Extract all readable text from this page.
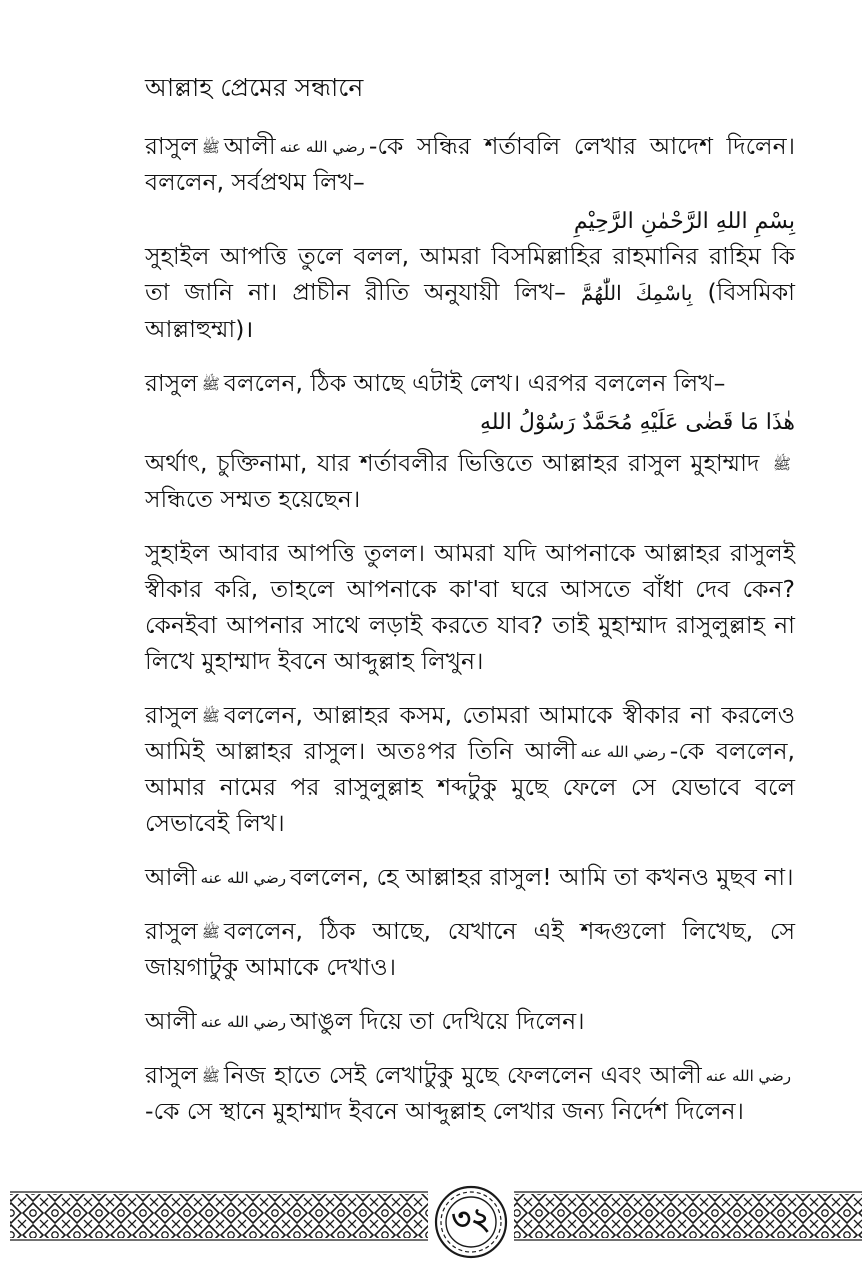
আল্লাহ প্রেমের সন্ধানে

রাসুল ﷺ আলী رضي الله عنه -কে সন্ধির শর্তাবলি লেখার আদেশ দিলেন। বললেন, সর্বপ্রথম লিখ–

بِسْمِ اللهِ الرَّحْمٰنِ الرَّحِيْمِ

সুহাইল আপত্তি তুলে বলল, আমরা বিসমিল্লাহির রাহমানির রাহিম কি তা জানি না। প্রাচীন রীতি অনুযায়ী লিখ– بِاسْمِكَ اللّٰهُمَّ (বিসমিকা আল্লাহুম্মা)।

রাসুল ﷺ বললেন, ঠিক আছে এটাই লেখ। এরপর বললেন লিখ–

هٰذَا مَا قَضٰى عَلَيْهِ مُحَمَّدٌ رَسُوْلُ اللهِ

অর্থাৎ, চুক্তিনামা, যার শর্তাবলীর ভিত্তিতে আল্লাহর রাসুল মুহাম্মাদ ﷺসন্ধিতে সম্মত হয়েছেন।

সুহাইল আবার আপত্তি তুলল। আমরা যদি আপনাকে আল্লাহর রাসুলই স্বীকার করি, তাহলে আপনাকে কা'বা ঘরে আসতে বাঁধা দেব কেন? কেনইবা আপনার সাথে লড়াই করতে যাব? তাই মুহাম্মাদ রাসুলুল্লাহ না লিখে মুহাম্মাদ ইবনে আব্দুল্লাহ লিখুন।

রাসুল ﷺ বললেন, আল্লাহর কসম, তোমরা আমাকে স্বীকার না করলেও আমিই আল্লাহর রাসুল। অতঃপর তিনি আলী رضي الله عنه -কে বললেন, আমার নামের পর রাসুলুল্লাহ শব্দটুকু মুছে ফেলে সে যেভাবে বলে সেভাবেই লিখ।

আলী رضي الله عنه বললেন, হে আল্লাহর রাসুল! আমি তা কখনও মুছব না।

রাসুল ﷺ বললেন, ঠিক আছে, যেখানে এই শব্দগুলো লিখেছ, সে জায়গাটুকু আমাকে দেখাও।

আলী رضي الله عنه আঙুল দিয়ে তা দেখিয়ে দিলেন।

রাসুল ﷺ নিজ হাতে সেই লেখাটুকু মুছে ফেললেন এবং আলী رضي الله عنه-কে সে স্থানে মুহাম্মাদ ইবনে আব্দুল্লাহ লেখার জন্য নির্দেশ দিলেন।

৩২
